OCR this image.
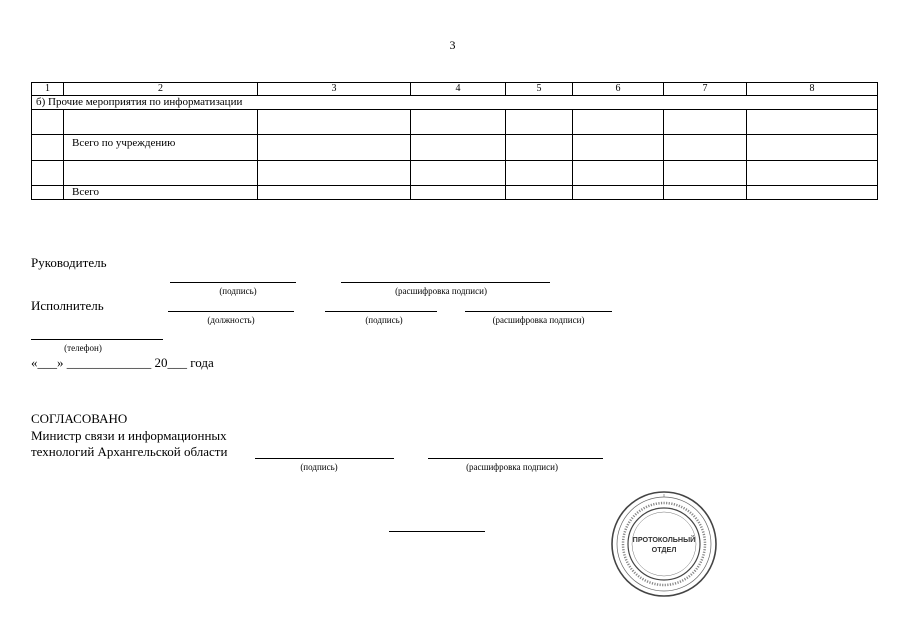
3
1	2	3	4	5	6	7	8
б) Прочие мероприятия по информатизации							

	Всего по учреждению						

	Всего						
Руководитель
(подпись)	(расшифровка подписи)
Исполнитель
(должность)	(подпись)	(расшифровка подписи)
(телефон)
«___» _____________ 20___ года
СОГЛАСОВАНО
Министр связи и информационных
технологий Архангельской области
(подпись)	(расшифровка подписи)
ПРОТОКОЛЬНЫЙ
ОТДЕЛ
